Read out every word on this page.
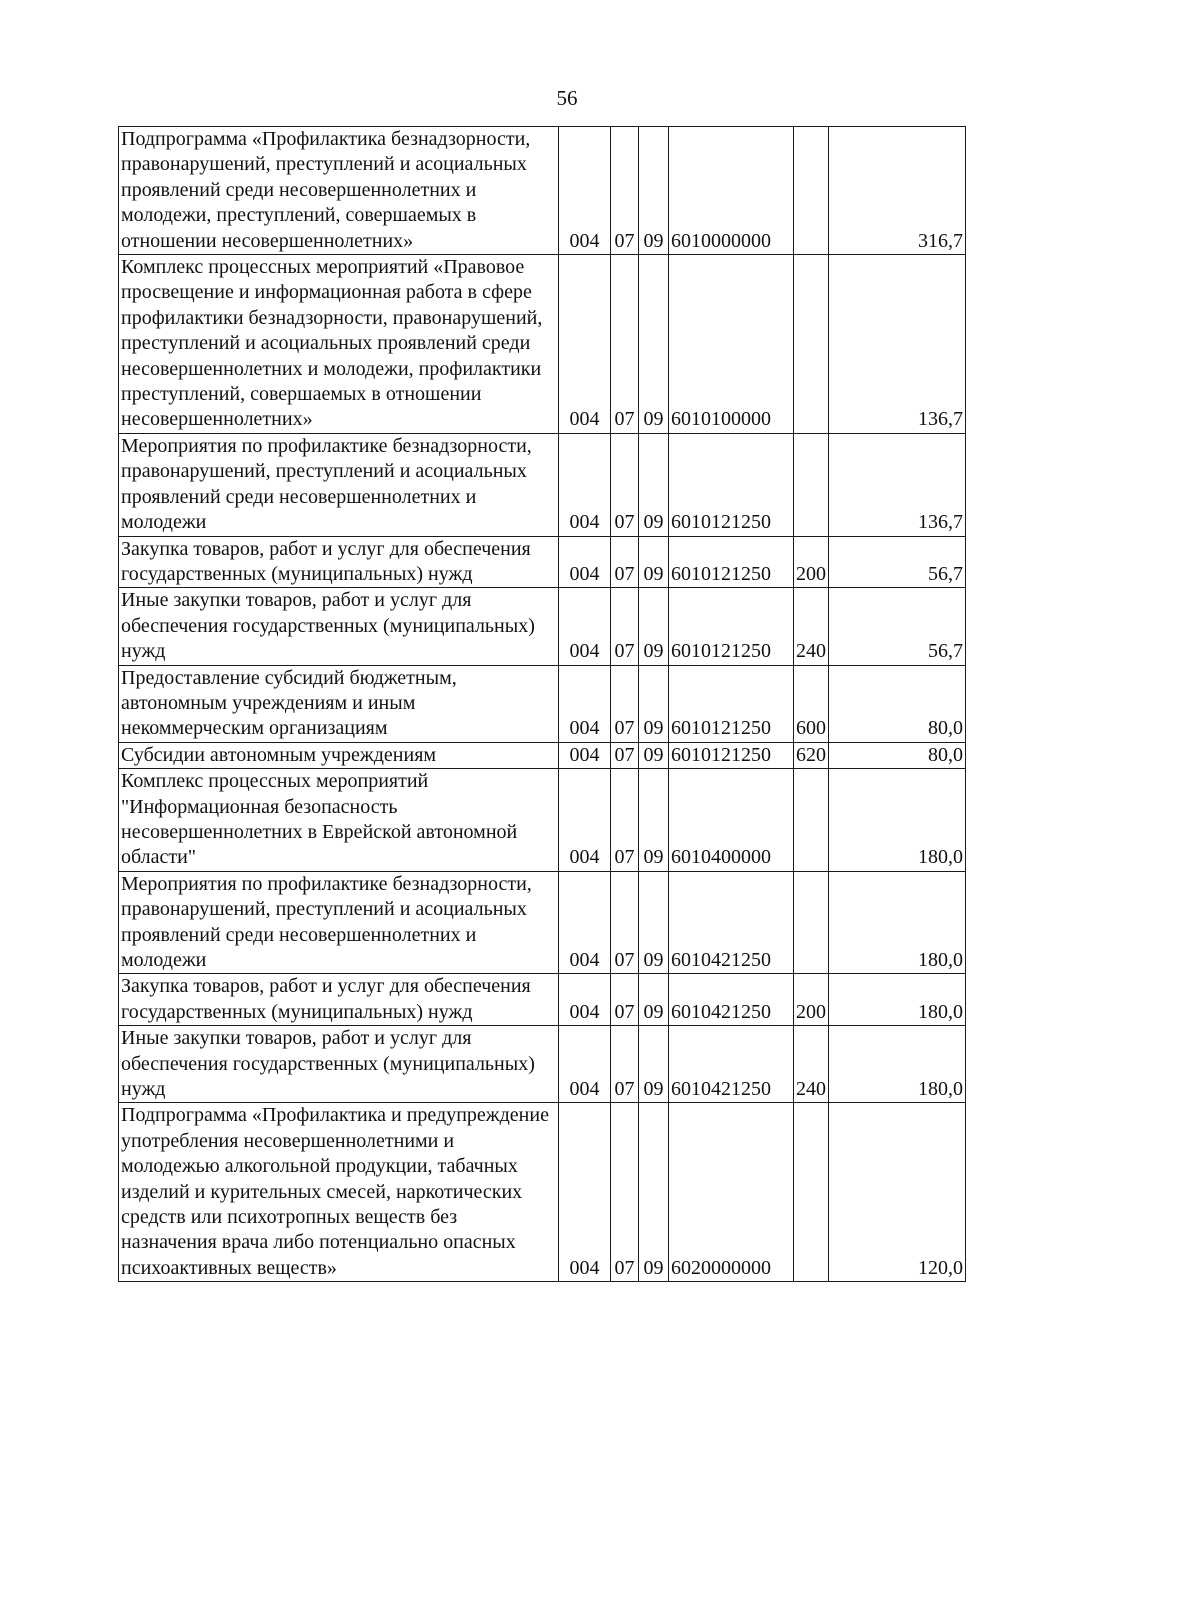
56
Подпрограмма «Профилактика безнадзорности, правонарушений, преступлений и асоциальных проявлений среди несовершеннолетних и молодежи, преступлений, совершаемых в отношении несовершеннолетних»	004	07	09	6010000000		316,7
Комплекс процессных мероприятий «Правовое просвещение и информационная работа в сфере профилактики безнадзорности, правонарушений, преступлений и асоциальных проявлений среди несовершеннолетних и молодежи, профилактики преступлений, совершаемых в отношении несовершеннолетних»	004	07	09	6010100000		136,7
Мероприятия по профилактике безнадзорности, правонарушений, преступлений и асоциальных проявлений среди несовершеннолетних и молодежи	004	07	09	6010121250		136,7
Закупка товаров, работ и услуг для обеспечения государственных (муниципальных) нужд	004	07	09	6010121250	200	56,7
Иные закупки товаров, работ и услуг для обеспечения государственных (муниципальных) нужд	004	07	09	6010121250	240	56,7
Предоставление субсидий бюджетным, автономным учреждениям и иным некоммерческим организациям	004	07	09	6010121250	600	80,0
Субсидии автономным учреждениям	004	07	09	6010121250	620	80,0
Комплекс процессных мероприятий "Информационная безопасность несовершеннолетних в Еврейской автономной области"	004	07	09	6010400000		180,0
Мероприятия по профилактике безнадзорности, правонарушений, преступлений и асоциальных проявлений среди несовершеннолетних и молодежи	004	07	09	6010421250		180,0
Закупка товаров, работ и услуг для обеспечения государственных (муниципальных) нужд	004	07	09	6010421250	200	180,0
Иные закупки товаров, работ и услуг для обеспечения государственных (муниципальных) нужд	004	07	09	6010421250	240	180,0
Подпрограмма «Профилактика и предупреждение употребления несовершеннолетними и молодежью алкогольной продукции, табачных изделий и курительных смесей, наркотических средств или психотропных веществ без назначения врача либо потенциально опасных психоактивных веществ»	004	07	09	6020000000		120,0
